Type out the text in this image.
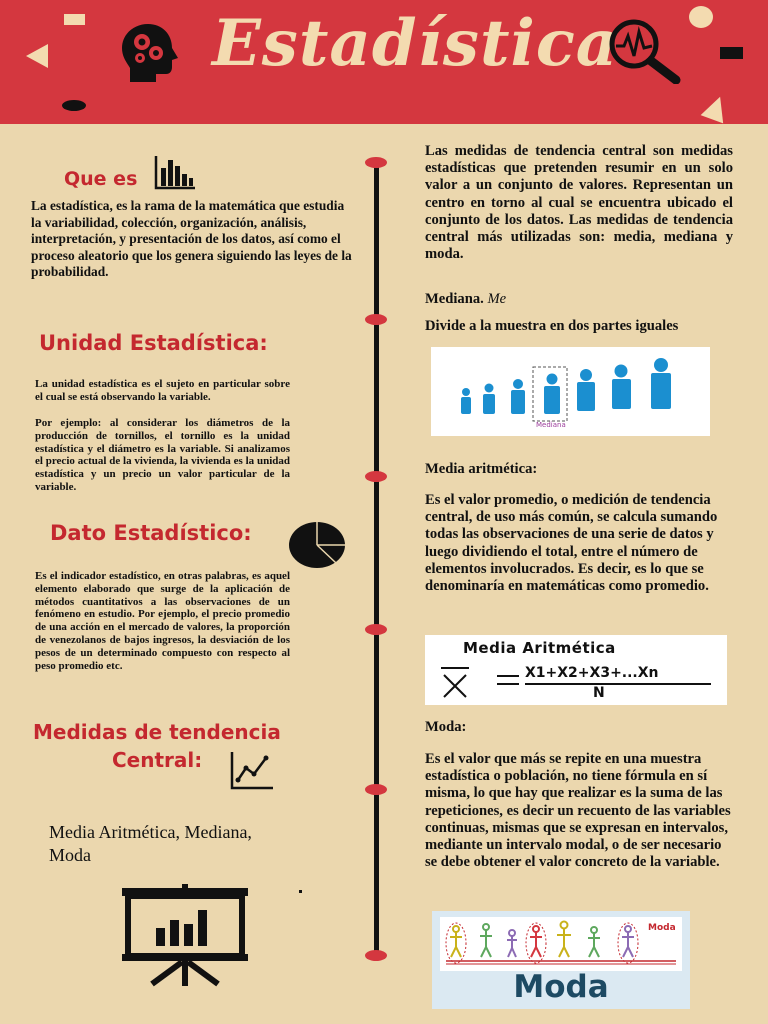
Estadística
Que es
La estadística, es la rama de la matemática que estudia la variabilidad, colección, organización, análisis, interpretación, y presentación de los datos, así como el proceso aleatorio que los genera siguiendo las leyes de la probabilidad.
Unidad Estadística:
La unidad estadística es el sujeto en particular sobre el cual se está observando la variable.
Por ejemplo: al considerar los diámetros de la producción de tornillos, el tornillo es la unidad estadística y el diámetro es la variable. Si analizamos el precio actual de la vivienda, la vivienda es la unidad estadística y un precio un valor particular de la variable.
Dato Estadístico:
Es el indicador estadístico, en otras palabras, es aquel elemento elaborado que surge de la aplicación de métodos cuantitativos a las observaciones de un fenómeno en estudio. Por ejemplo, el precio promedio de una acción en el mercado de valores, la proporción de venezolanos de bajos ingresos, la desviación de los pesos de un determinado compuesto con respecto al peso promedio etc.
Medidas de tendencia
Central:
Media Aritmética, Mediana,
Moda
Las medidas de tendencia central son medidas estadísticas que pretenden resumir en un solo valor a un conjunto de valores. Representan un centro en torno al cual se encuentra ubicado el conjunto de los datos. Las medidas de tendencia central más utilizadas son: media, mediana y moda.
Mediana. Me
Divide a la muestra en dos partes iguales
Mediana
Media aritmética:
Es el valor promedio, o medición de tendencia central, de uso más común, se calcula sumando todas las observaciones de una serie de datos y luego dividiendo el total, entre el número de elementos involucrados. Es decir, es lo que se denominaría en matemáticas como promedio.
Media Aritmética
X1+X2+X3+...Xn
N
Moda:
Es el valor que más se repite en una muestra estadística o población, no tiene fórmula en sí misma, lo que hay que realizar es la suma de las repeticiones, es decir un recuento de las variables continuas, mismas que se expresan en intervalos, mediante un intervalo modal, o de ser necesario se debe obtener el valor concreto de la variable.
Moda
Moda
